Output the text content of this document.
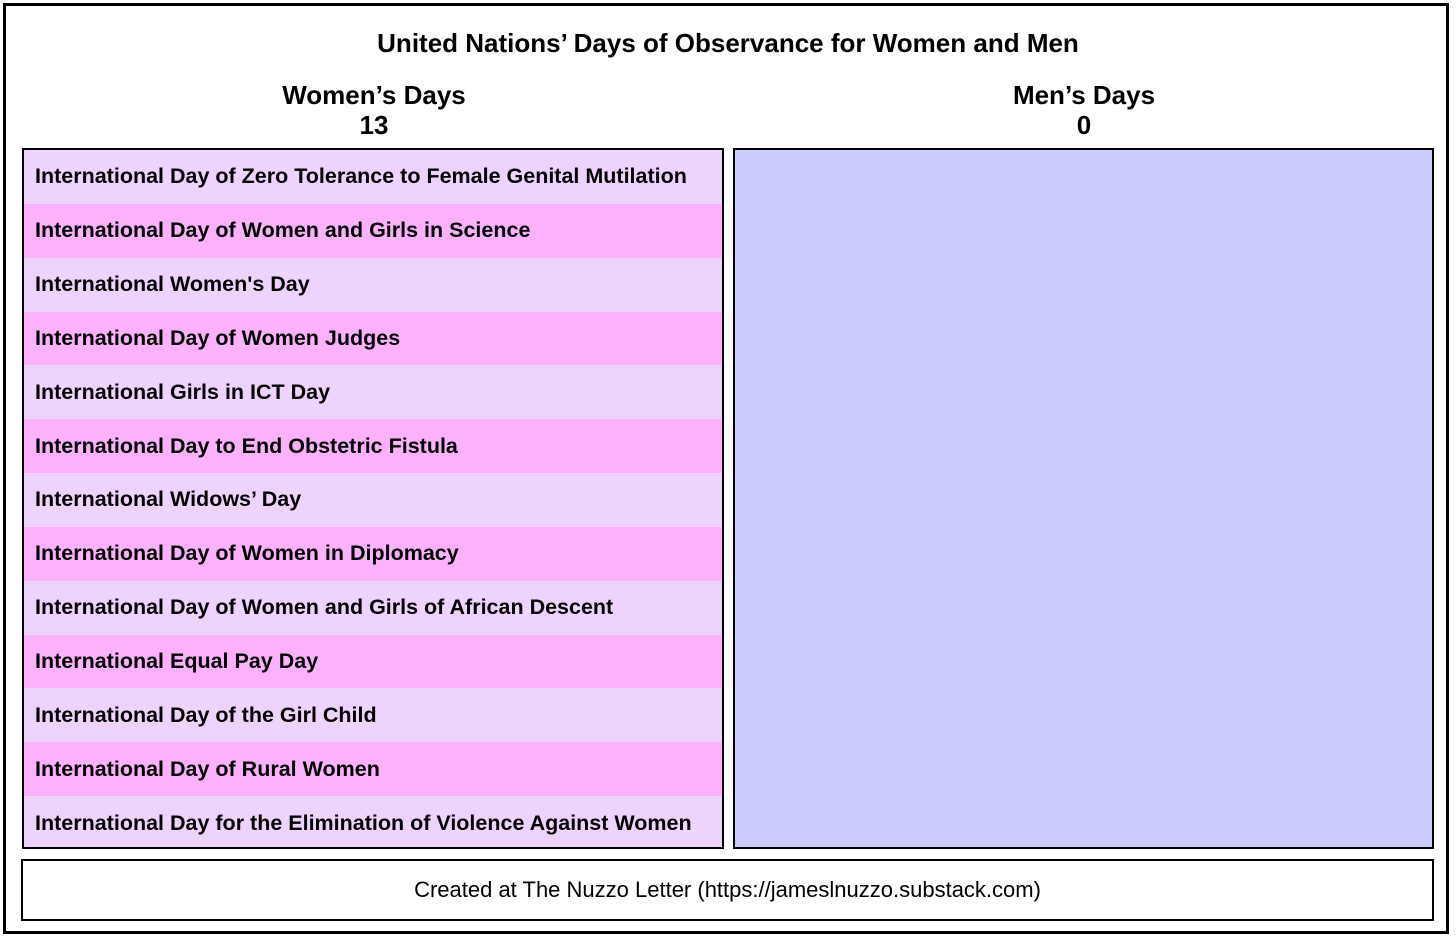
United Nations’ Days of Observance for Women and Men
Women’s Days
13
Men’s Days
0
International Day of Zero Tolerance to Female Genital Mutilation
International Day of Women and Girls in Science
International Women's Day
International Day of Women Judges
International Girls in ICT Day
International Day to End Obstetric Fistula
International Widows’ Day
International Day of Women in Diplomacy
International Day of Women and Girls of African Descent
International Equal Pay Day
International Day of the Girl Child
International Day of Rural Women
International Day for the Elimination of Violence Against Women
Created at The Nuzzo Letter (https://jameslnuzzo.substack.com)
